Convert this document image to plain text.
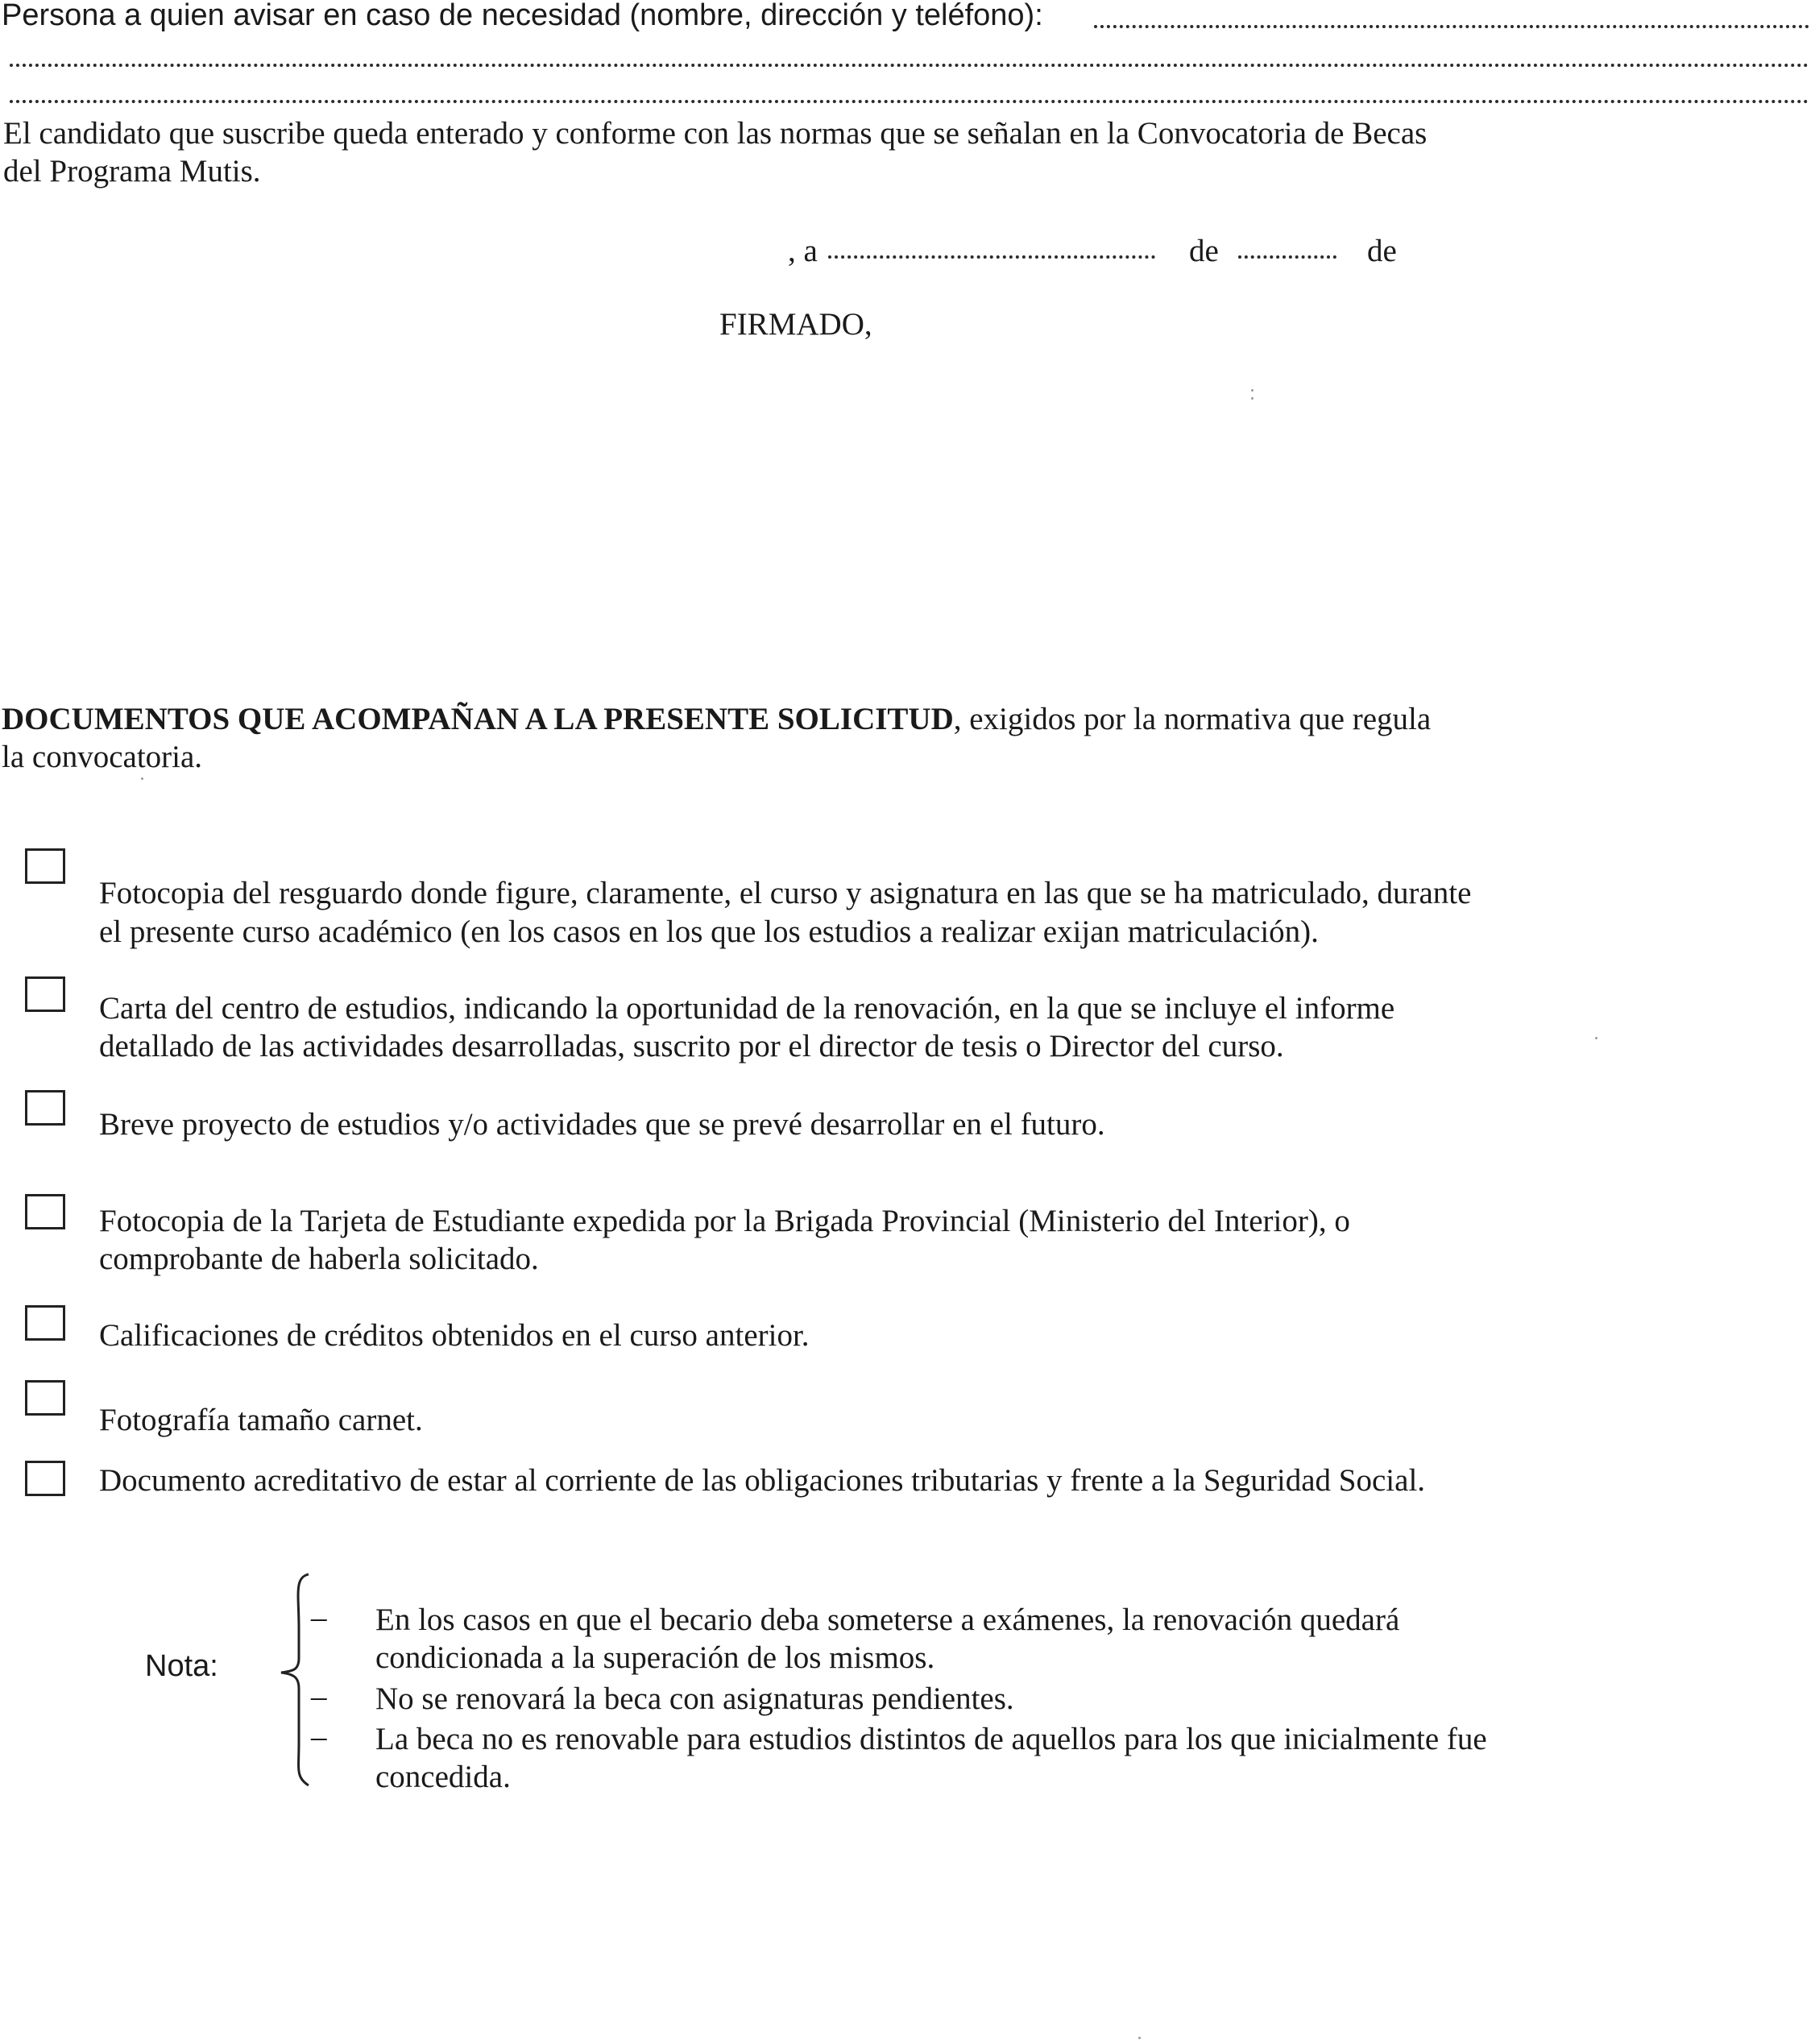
Persona a quien avisar en caso de necesidad (nombre, dirección y teléfono):
El candidato que suscribe queda enterado y conforme con las normas que se señalan en la Convocatoria de Becas
del Programa Mutis.
, a	de	de
FIRMADO,
DOCUMENTOS QUE ACOMPAÑAN A LA PRESENTE SOLICITUD, exigidos por la normativa que regula
la convocatoria.
Fotocopia del resguardo donde figure, claramente, el curso y asignatura en las que se ha matriculado, durante
el presente curso académico (en los casos en los que los estudios a realizar exijan matriculación).
Carta del centro de estudios, indicando la oportunidad de la renovación, en la que se incluye el informe
detallado de las actividades desarrolladas, suscrito por el director de tesis o Director del curso.
Breve proyecto de estudios y/o actividades que se prevé desarrollar en el futuro.
Fotocopia de la Tarjeta de Estudiante expedida por la Brigada Provincial (Ministerio del Interior), o
comprobante de haberla solicitado.
Calificaciones de créditos obtenidos en el curso anterior.
Fotografía tamaño carnet.
Documento acreditativo de estar al corriente de las obligaciones tributarias y frente a la Seguridad Social.
Nota:
– En los casos en que el becario deba someterse a exámenes, la renovación quedará
condicionada a la superación de los mismos.
– No se renovará la beca con asignaturas pendientes.
– La beca no es renovable para estudios distintos de aquellos para los que inicialmente fue
concedida.
